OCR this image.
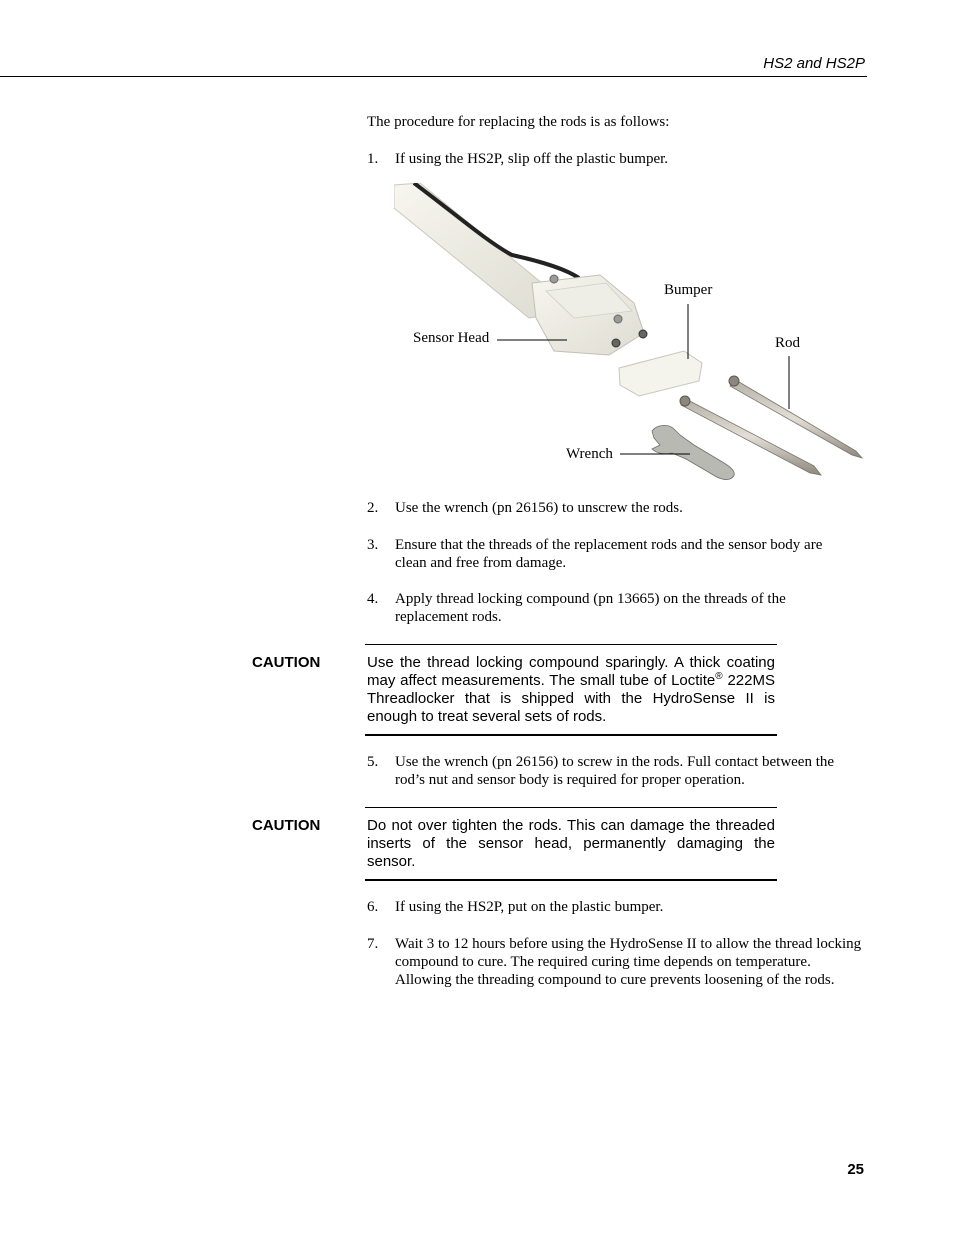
HS2 and HS2P
The procedure for replacing the rods is as follows:
1.	If using the HS2P, slip off the plastic bumper.
Bumper
Sensor Head	Rod
Wrench
2.	Use the wrench (pn 26156) to unscrew the rods.
3.	Ensure that the threads of the replacement rods and the sensor body are clean and free from damage.
4.	Apply thread locking compound (pn 13665) on the threads of the replacement rods.
CAUTION	Use the thread locking compound sparingly. A thick coating may affect measurements. The small tube of Loctite® 222MS Threadlocker that is shipped with the HydroSense II is enough to treat several sets of rods.
5.	Use the wrench (pn 26156) to screw in the rods. Full contact between the rod’s nut and sensor body is required for proper operation.
CAUTION	Do not over tighten the rods. This can damage the threaded inserts of the sensor head, permanently damaging the sensor.
6.	If using the HS2P, put on the plastic bumper.
7.	Wait 3 to 12 hours before using the HydroSense II to allow the thread locking compound to cure. The required curing time depends on temperature. Allowing the threading compound to cure prevents loosening of the rods.
25
